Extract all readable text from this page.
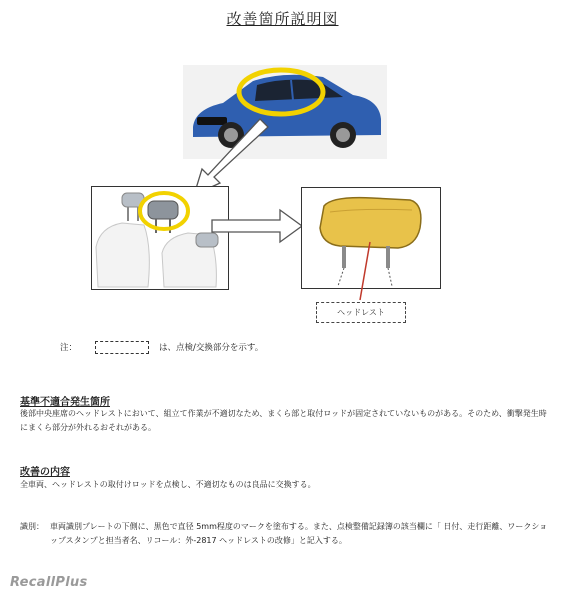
改善箇所説明図
ヘッドレスト
注：	は、点検/交換部分を示す。
基準不適合発生箇所
後部中央座席のヘッドレストにおいて、組立て作業が不適切なため、まくら部と取付ロッドが固定されていないものがある。そのため、衝撃発生時にまくら部分が外れるおそれがある。
改善の内容
全車両、ヘッドレストの取付けロッドを点検し、不適切なものは良品に交換する。
識別： 車両識別プレートの下側に、黒色で直径 5mm程度のマークを塗布する。また、点検整備記録簿の該当欄に「 日付、走行距離、ワークショップスタンプと担当者名、リコール：外-2817 ヘッドレストの改修」と記入する。
RecallPlus
